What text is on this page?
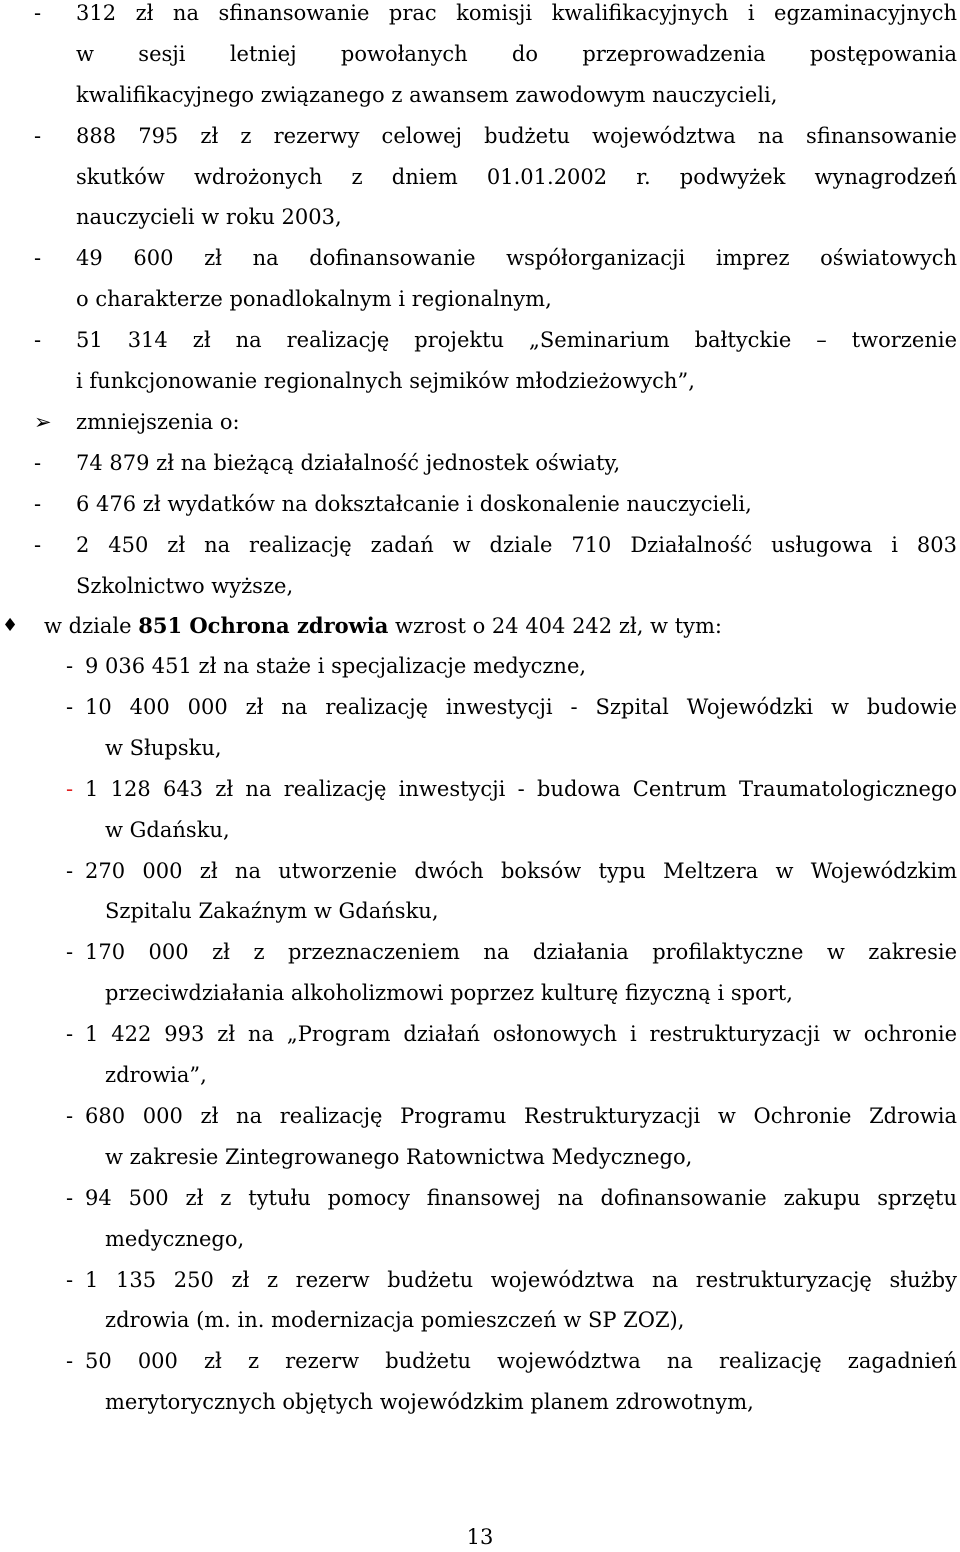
- 312 zł na sfinansowanie prac komisji kwalifikacyjnych i egzaminacyjnych
w sesji letniej powołanych do przeprowadzenia postępowania
kwalifikacyjnego związanego z awansem zawodowym nauczycieli,
- 888 795 zł z rezerwy celowej budżetu województwa na sfinansowanie
skutków wdrożonych z dniem 01.01.2002 r. podwyżek wynagrodzeń
nauczycieli w roku 2003,
- 49 600 zł na dofinansowanie współorganizacji imprez oświatowych
o charakterze ponadlokalnym i regionalnym,
- 51 314 zł na realizację projektu „Seminarium bałtyckie – tworzenie
i funkcjonowanie regionalnych sejmików młodzieżowych”,
➢ zmniejszenia o:
- 74 879 zł na bieżącą działalność jednostek oświaty,
- 6 476 zł wydatków na dokształcanie i doskonalenie nauczycieli,
- 2 450 zł na realizację zadań w dziale 710 Działalność usługowa i 803
Szkolnictwo wyższe,
♦ w dziale 851 Ochrona zdrowia wzrost o 24 404 242 zł, w tym:
- 9 036 451 zł na staże i specjalizacje medyczne,
- 10 400 000 zł na realizację inwestycji - Szpital Wojewódzki w budowie
w Słupsku,
- 1 128 643 zł na realizację inwestycji - budowa Centrum Traumatologicznego
w Gdańsku,
- 270 000 zł na utworzenie dwóch boksów typu Meltzera w Wojewódzkim
Szpitalu Zakaźnym w Gdańsku,
- 170 000 zł z przeznaczeniem na działania profilaktyczne w zakresie
przeciwdziałania alkoholizmowi poprzez kulturę fizyczną i sport,
- 1 422 993 zł na „Program działań osłonowych i restrukturyzacji w ochronie
zdrowia”,
- 680 000 zł na realizację Programu Restrukturyzacji w Ochronie Zdrowia
w zakresie Zintegrowanego Ratownictwa Medycznego,
- 94 500 zł z tytułu pomocy finansowej na dofinansowanie zakupu sprzętu
medycznego,
- 1 135 250 zł z rezerw budżetu województwa na restrukturyzację służby
zdrowia (m. in. modernizacja pomieszczeń w SP ZOZ),
- 50 000 zł z rezerw budżetu województwa na realizację zagadnień
merytorycznych objętych wojewódzkim planem zdrowotnym,
13
